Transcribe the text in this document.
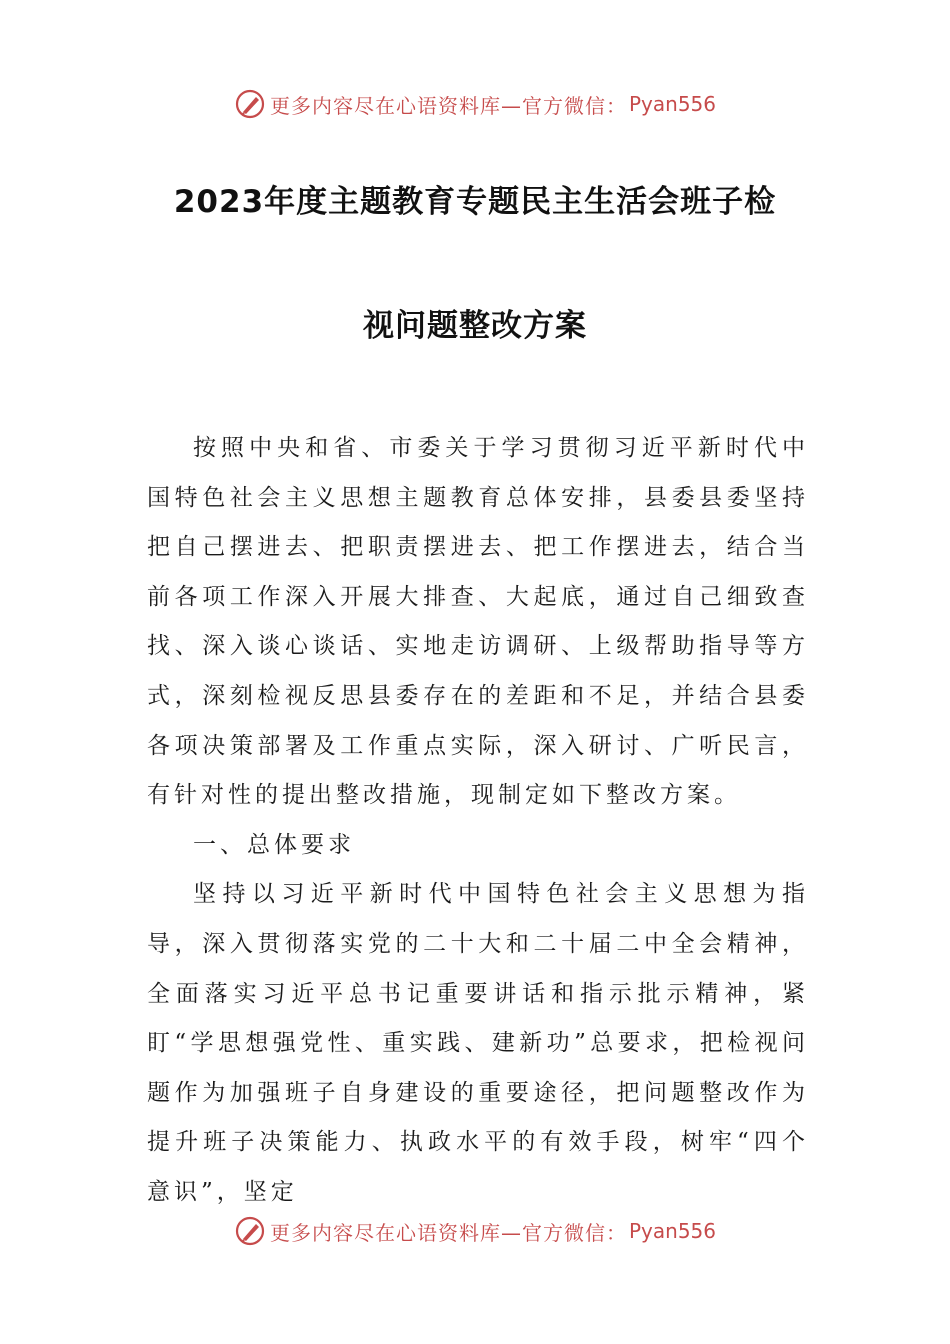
更多内容尽在心语资料库—官方微信： Pyan556
2023年度主题教育专题民主生活会班子检
视问题整改方案

按照中央和省、市委关于学习贯彻习近平新时代中国特色社会主义思想主题教育总体安排，县委县委坚持把自己摆进去、把职责摆进去、把工作摆进去，结合当前各项工作深入开展大排查、大起底，通过自己细致查找、深入谈心谈话、实地走访调研、上级帮助指导等方式，深刻检视反思县委存在的差距和不足，并结合县委各项决策部署及工作重点实际，深入研讨、广听民言，有针对性的提出整改措施，现制定如下整改方案。

一、总体要求

坚持以习近平新时代中国特色社会主义思想为指导，深入贯彻落实党的二十大和二十届二中全会精神，全面落实习近平总书记重要讲话和指示批示精神，紧盯“学思想强党性、重实践、建新功”总要求，把检视问题作为加强班子自身建设的重要途径，把问题整改作为提升班子决策能力、执政水平的有效手段，树牢“四个意识”，坚定

更多内容尽在心语资料库—官方微信： Pyan556
